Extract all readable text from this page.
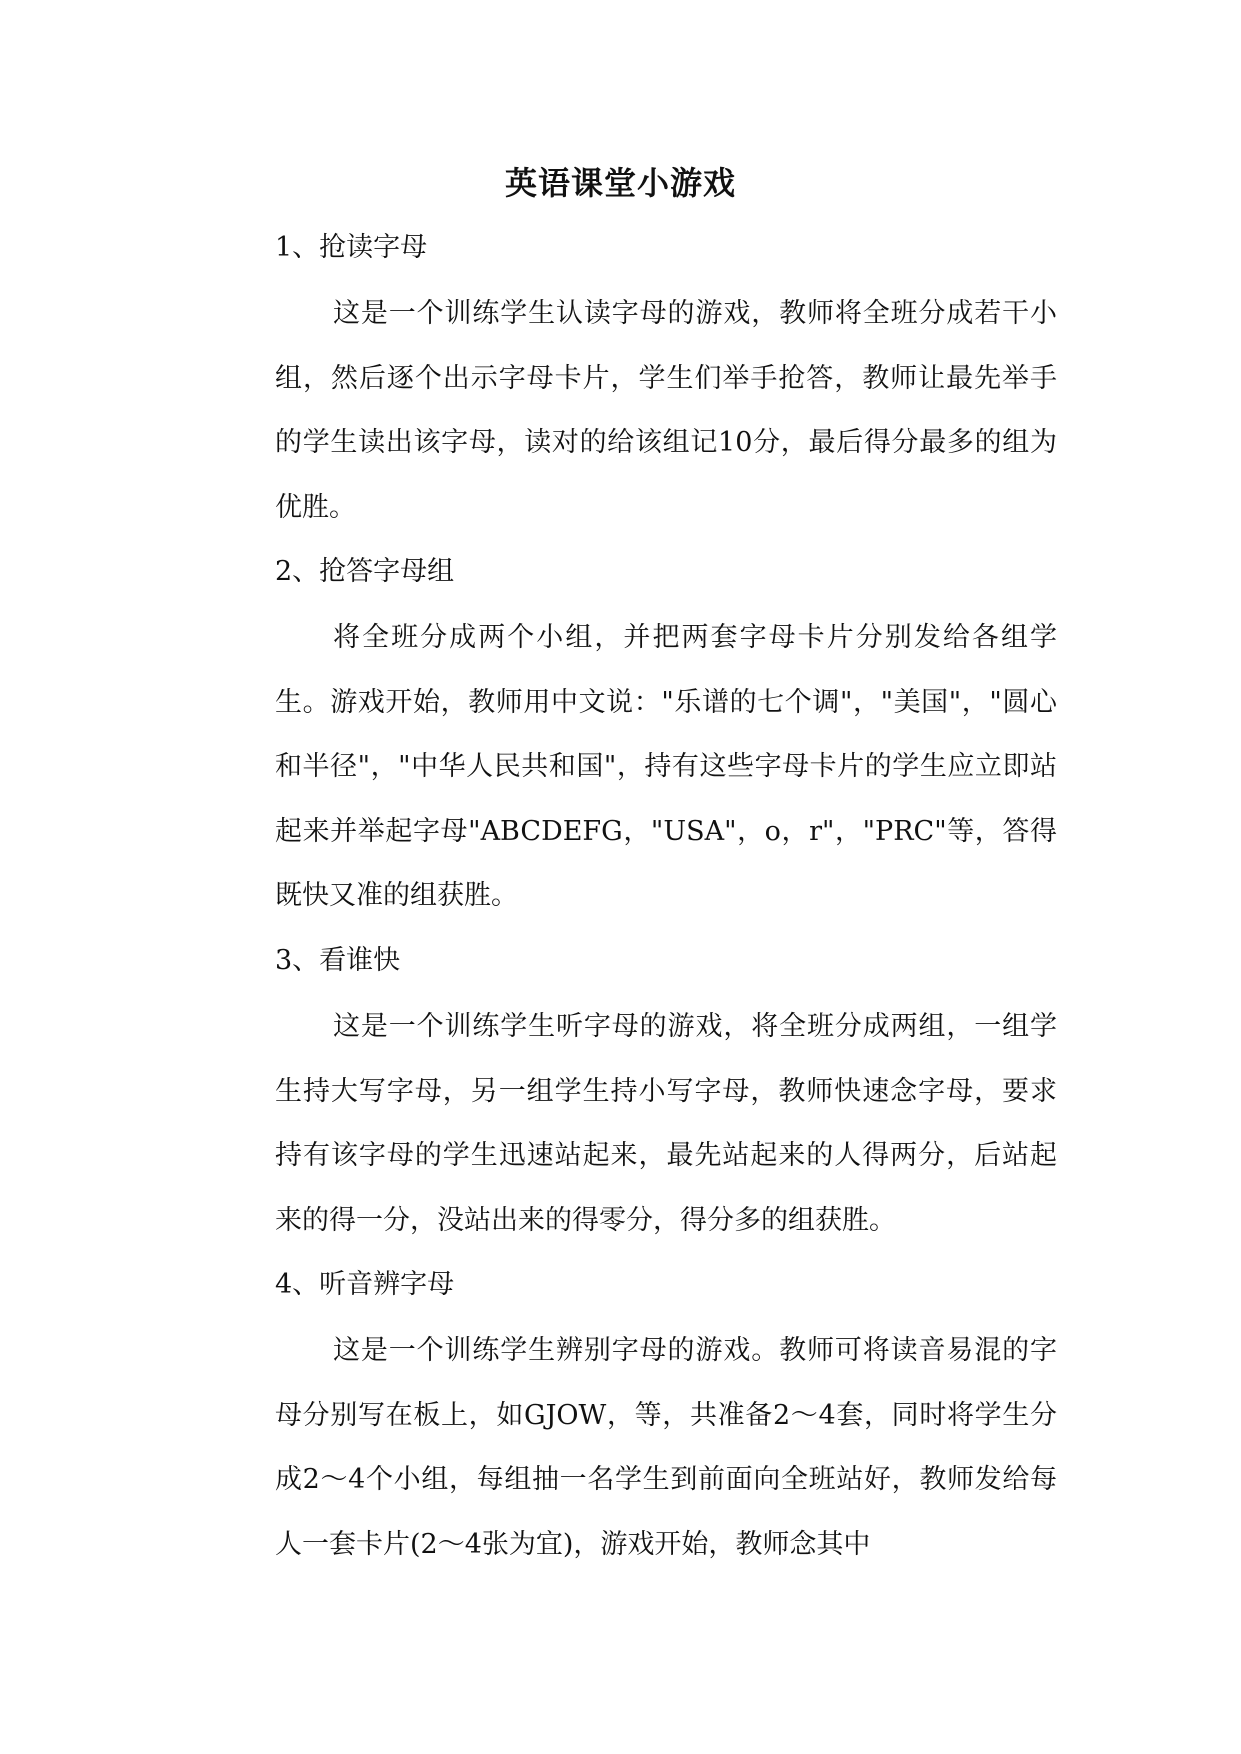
英语课堂小游戏
1、抢读字母
这是一个训练学生认读字母的游戏，教师将全班分成若干小组，然后逐个出示字母卡片，学生们举手抢答，教师让最先举手的学生读出该字母，读对的给该组记10分，最后得分最多的组为优胜。
2、抢答字母组
将全班分成两个小组，并把两套字母卡片分别发给各组学生。游戏开始，教师用中文说："乐谱的七个调"，"美国"，"圆心和半径"，"中华人民共和国"，持有这些字母卡片的学生应立即站起来并举起字母"ABCDEFG，"USA"，o，r"，"PRC"等，答得既快又准的组获胜。
3、看谁快
这是一个训练学生听字母的游戏，将全班分成两组，一组学生持大写字母，另一组学生持小写字母，教师快速念字母，要求持有该字母的学生迅速站起来，最先站起来的人得两分，后站起来的得一分，没站出来的得零分，得分多的组获胜。
4、听音辨字母
这是一个训练学生辨别字母的游戏。教师可将读音易混的字母分别写在板上，如GJOW，等，共准备2～4套，同时将学生分成2～4个小组，每组抽一名学生到前面向全班站好，教师发给每人一套卡片(2～4张为宜)，游戏开始，教师念其中
